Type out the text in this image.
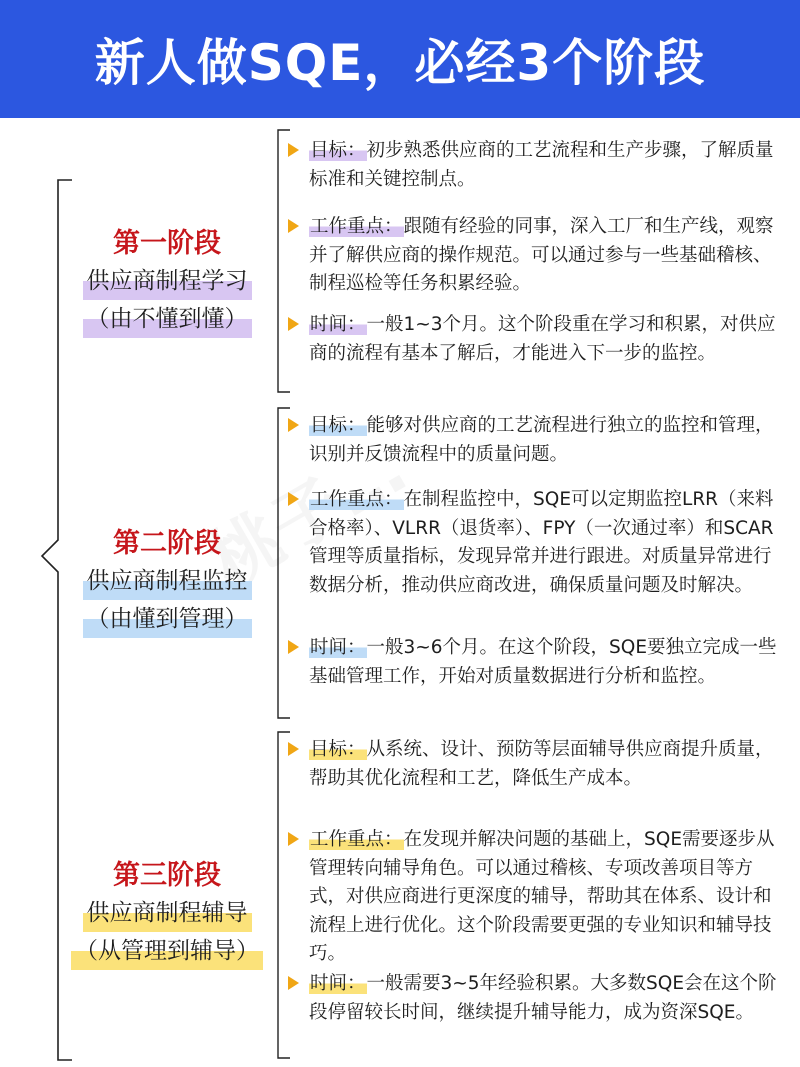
新人做SQE，必经3个阶段
第一阶段
供应商制程学习
（由不懂到懂）
目标：初步熟悉供应商的工艺流程和生产步骤，了解质量标准和关键控制点。
工作重点：跟随有经验的同事，深入工厂和生产线，观察并了解供应商的操作规范。可以通过参与一些基础稽核、制程巡检等任务积累经验。
时间：一般1~3个月。这个阶段重在学习和积累，对供应商的流程有基本了解后，才能进入下一步的监控。
第二阶段
供应商制程监控
（由懂到管理）
目标：能够对供应商的工艺流程进行独立的监控和管理，识别并反馈流程中的质量问题。
工作重点：在制程监控中，SQE可以定期监控LRR（来料合格率）、VLRR（退货率）、FPY（一次通过率）和SCAR管理等质量指标，发现异常并进行跟进。对质量异常进行数据分析，推动供应商改进，确保质量问题及时解决。
时间：一般3~6个月。在这个阶段，SQE要独立完成一些基础管理工作，开始对质量数据进行分析和监控。
第三阶段
供应商制程辅导
（从管理到辅导）
目标：从系统、设计、预防等层面辅导供应商提升质量，帮助其优化流程和工艺，降低生产成本。
工作重点：在发现并解决问题的基础上，SQE需要逐步从管理转向辅导角色。可以通过稽核、专项改善项目等方式，对供应商进行更深度的辅导，帮助其在体系、设计和流程上进行优化。这个阶段需要更强的专业知识和辅导技巧。
时间：一般需要3~5年经验积累。大多数SQE会在这个阶段停留较长时间，继续提升辅导能力，成为资深SQE。
